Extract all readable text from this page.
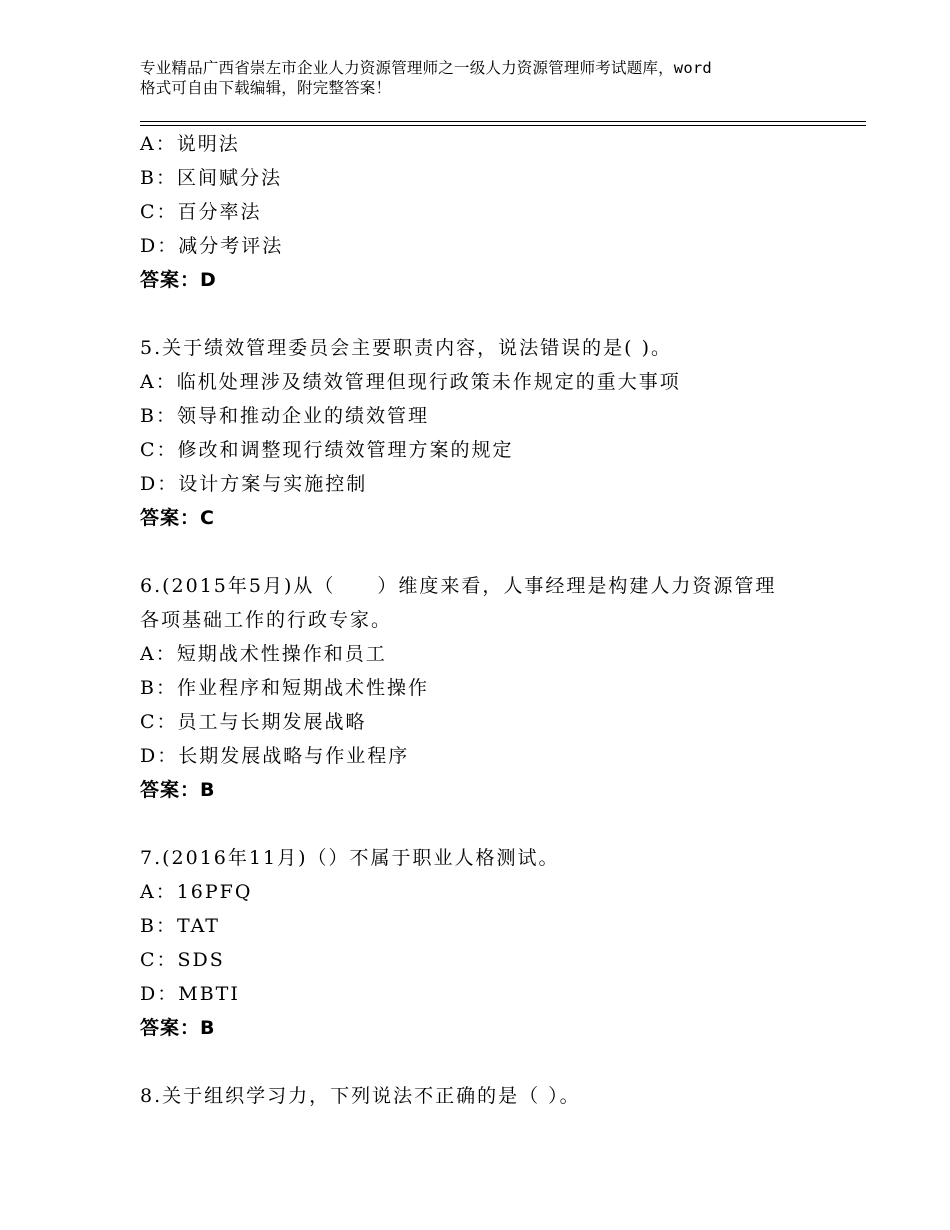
专业精品广西省崇左市企业人力资源管理师之一级人力资源管理师考试题库，word
格式可自由下载编辑，附完整答案！
A：说明法
B：区间赋分法
C：百分率法
D：减分考评法
答案：D
5.关于绩效管理委员会主要职责内容，说法错误的是( )。
A：临机处理涉及绩效管理但现行政策未作规定的重大事项
B：领导和推动企业的绩效管理
C：修改和调整现行绩效管理方案的规定
D：设计方案与实施控制
答案：C
6.(2015年5月)从（　　）维度来看，人事经理是构建人力资源管理
各项基础工作的行政专家。
A：短期战术性操作和员工
B：作业程序和短期战术性操作
C：员工与长期发展战略
D：长期发展战略与作业程序
答案：B
7.(2016年11月)（）不属于职业人格测试。
A：16PFQ
B：TAT
C：SDS
D：MBTI
答案：B
8.关于组织学习力，下列说法不正确的是（ ）。
